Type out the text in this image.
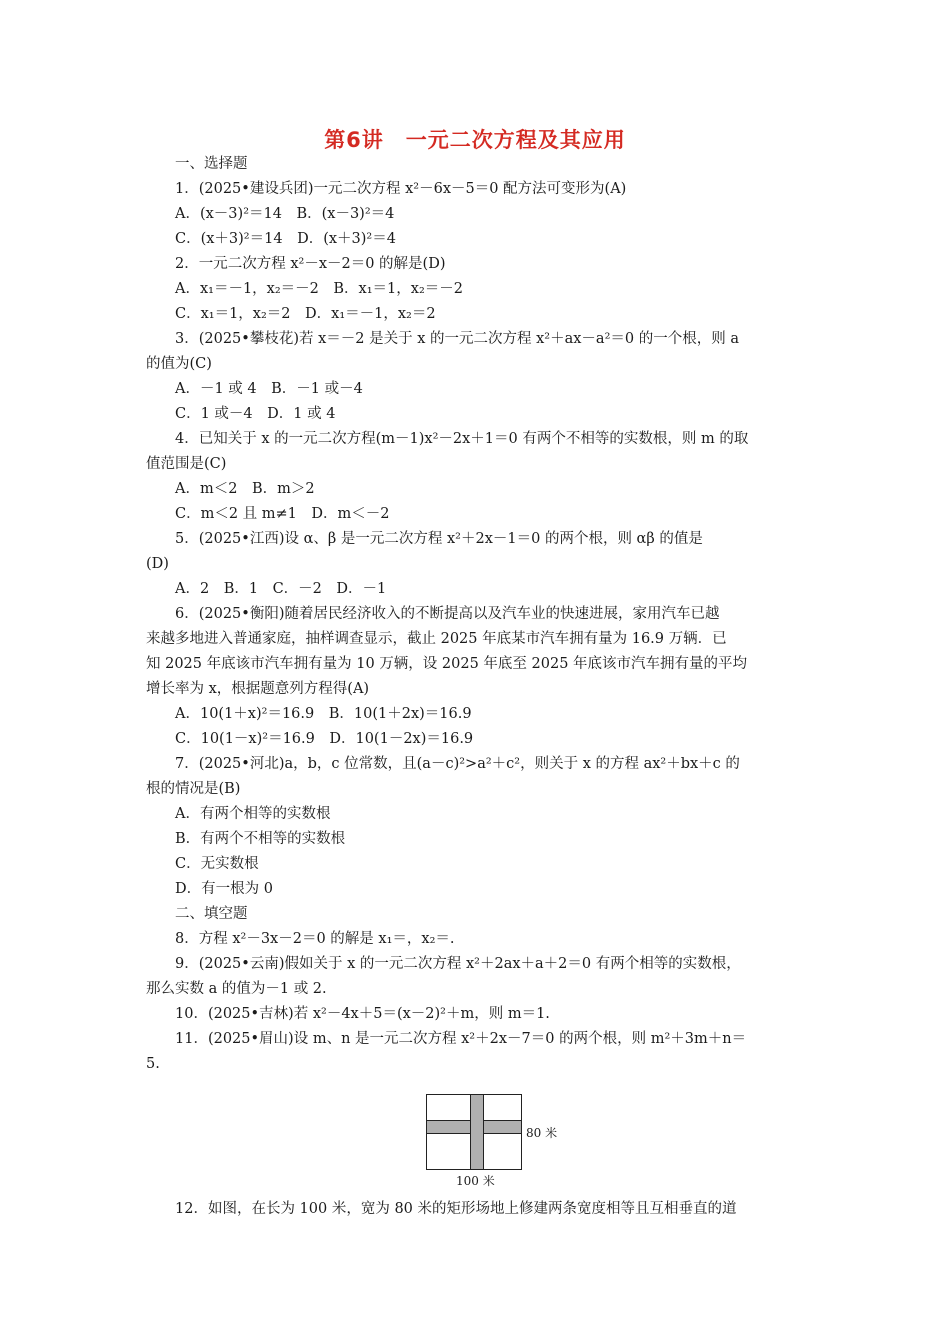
第6讲　一元二次方程及其应用
一、选择题
1．(2025•建设兵团)一元二次方程 x²－6x－5＝0 配方法可变形为(A)
A．(x－3)²＝14　B．(x－3)²＝4
C．(x＋3)²＝14　D．(x＋3)²＝4
2．一元二次方程 x²－x－2＝0 的解是(D)
A．x₁＝－1，x₂＝－2　B．x₁＝1，x₂＝－2
C．x₁＝1，x₂＝2　D．x₁＝－1，x₂＝2
3．(2025•攀枝花)若 x＝－2 是关于 x 的一元二次方程 x²＋ax－a²＝0 的一个根，则 a
的值为(C)
A．－1 或 4　B．－1 或－4
C．1 或－4　D．1 或 4
4．已知关于 x 的一元二次方程(m－1)x²－2x＋1＝0 有两个不相等的实数根，则 m 的取
值范围是(C)
A．m＜2　B．m＞2
C．m＜2 且 m≠1　D．m＜－2
5．(2025•江西)设 α、β 是一元二次方程 x²＋2x－1＝0 的两个根，则 αβ 的值是
(D)
A．2　B．1　C．－2　D．－1
6．(2025•衡阳)随着居民经济收入的不断提高以及汽车业的快速进展，家用汽车已越
来越多地进入普通家庭，抽样调查显示，截止 2025 年底某市汽车拥有量为 16.9 万辆．已
知 2025 年底该市汽车拥有量为 10 万辆，设 2025 年底至 2025 年底该市汽车拥有量的平均
增长率为 x，根据题意列方程得(A)
A．10(1＋x)²＝16.9　B．10(1＋2x)＝16.9
C．10(1－x)²＝16.9　D．10(1－2x)＝16.9
7．(2025•河北)a，b，c 位常数，且(a－c)²>a²＋c²，则关于 x 的方程 ax²＋bx＋c 的
根的情况是(B)
A．有两个相等的实数根
B．有两个不相等的实数根
C．无实数根
D．有一根为 0
二、填空题
8．方程 x²－3x－2＝0 的解是 x₁＝，x₂＝.
9．(2025•云南)假如关于 x 的一元二次方程 x²＋2ax＋a＋2＝0 有两个相等的实数根，
那么实数 a 的值为－1 或 2.
10．(2025•吉林)若 x²－4x＋5＝(x－2)²＋m，则 m＝1.
11．(2025•眉山)设 m、n 是一元二次方程 x²＋2x－7＝0 的两个根，则 m²＋3m＋n＝
5.
100 米
80 米
12．如图，在长为 100 米，宽为 80 米的矩形场地上修建两条宽度相等且互相垂直的道
